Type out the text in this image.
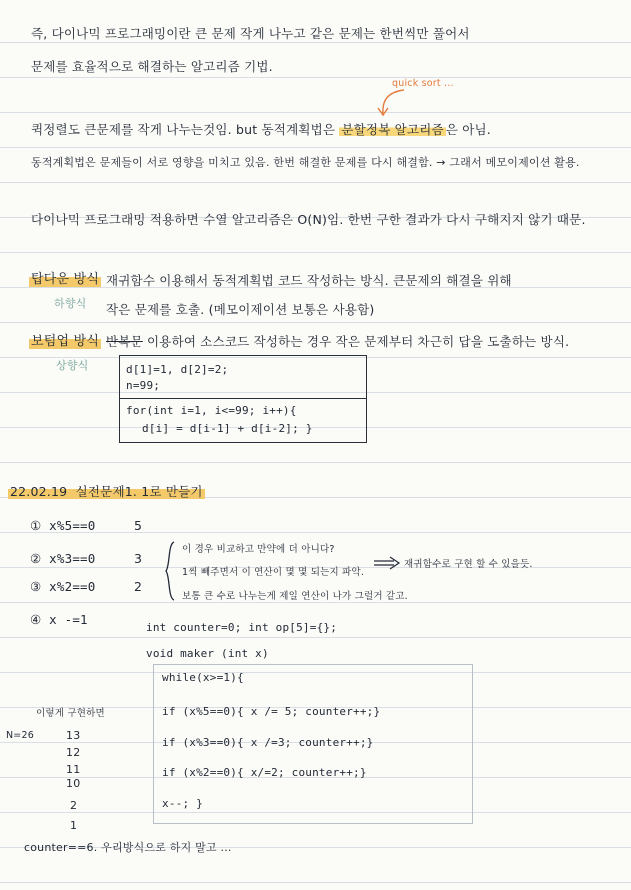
즉, 다이나믹 프로그래밍이란 큰 문제 작게 나누고 같은 문제는 한번씩만 풀어서
문제를 효율적으로 해결하는 알고리즘 기법.
quick sort ...
퀵정렬도 큰문제를 작게 나누는것임. but 동적계획법은 분할정복 알고리즘 은 아님.
동적계획법은 문제들이 서로 영향을 미치고 있음. 한번 해결한 문제를 다시 해결함. → 그래서 메모이제이션 활용.
다이나믹 프로그래밍 적용하면 수열 알고리즘은 O(N)임. 한번 구한 결과가 다시 구해지지 않기 때문.
탑다운 방식
하향식
재귀함수 이용해서 동적계획법 코드 작성하는 방식. 큰문제의 해결을 위해
작은 문제를 호출. (메모이제이션 보통은 사용함)
보텀업 방식
상향식
반복문 이용하여 소스코드 작성하는 경우 작은 문제부터 차근히 답을 도출하는 방식.
d[1]=1, d[2]=2;
n=99;
for(int i=1, i<=99; i++){
d[i] = d[i-1] + d[i-2]; }
22.02.19 실전문제1. 1로 만들기
① x%5==0	5
② x%3==0	3
③ x%2==0	2
④ x -=1
이 경우 비교하고 만약에 더 아니다?
1씩 빼주면서 이 연산이 몇 몇 되는지 파악.
보통 큰 수로 나누는게 제일 연산이 나가 그럴거 같고.
재귀함수로 구현 할 수 있을듯.
int counter=0; int op[5]={};
void maker (int x)
while(x>=1){
if (x%5==0){ x /= 5; counter++;}
if (x%3==0){ x /=3; counter++;}
if (x%2==0){ x/=2; counter++;}
x--; }
이렇게 구현하면
N=26	13
12
11
10
2
1
counter==6. 우리방식으로 하지 말고 ...
